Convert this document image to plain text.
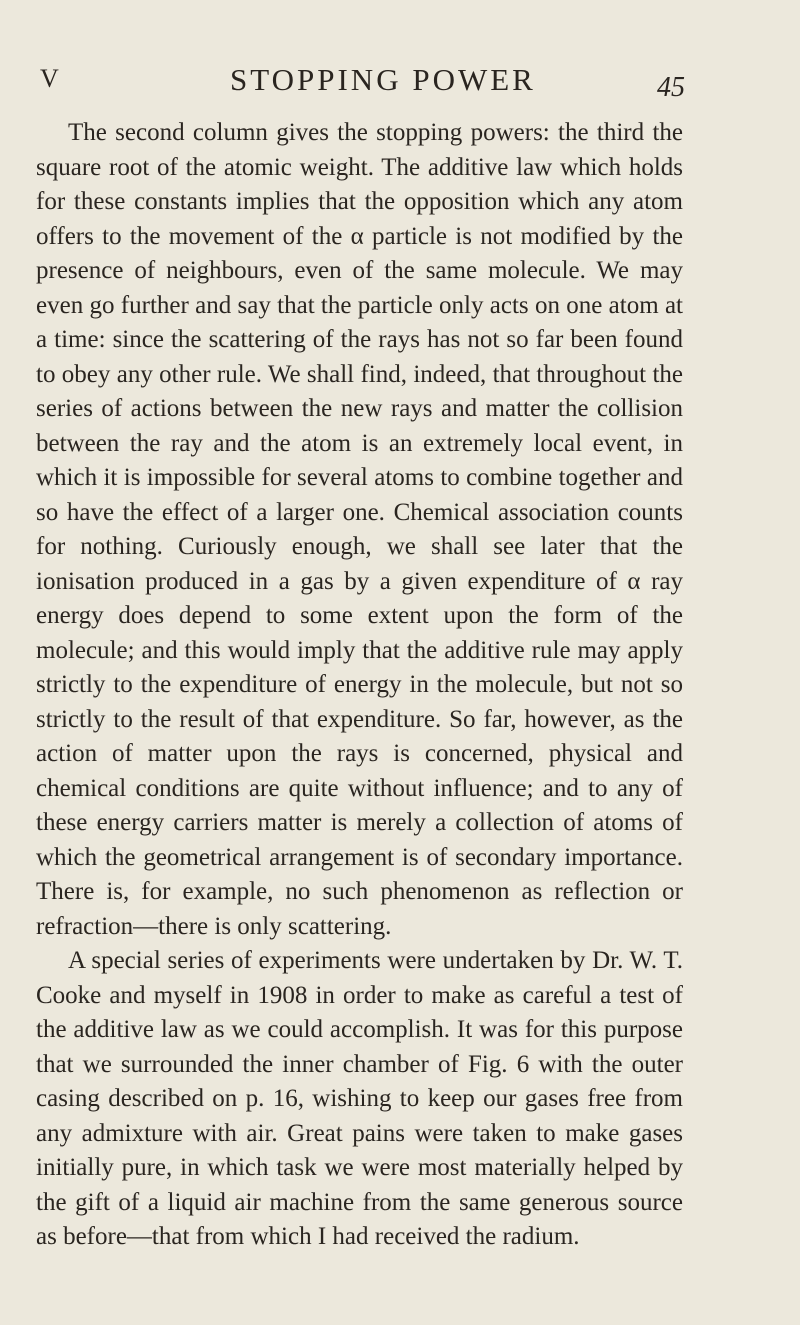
V	STOPPING POWER	45

The second column gives the stopping powers: the third the square root of the atomic weight. The additive law which holds for these constants implies that the opposition which any atom offers to the movement of the α particle is not modified by the presence of neighbours, even of the same molecule. We may even go further and say that the particle only acts on one atom at a time: since the scattering of the rays has not so far been found to obey any other rule. We shall find, indeed, that throughout the series of actions between the new rays and matter the collision between the ray and the atom is an extremely local event, in which it is impossible for several atoms to combine together and so have the effect of a larger one. Chemical association counts for nothing. Curiously enough, we shall see later that the ionisation produced in a gas by a given expenditure of α ray energy does depend to some extent upon the form of the molecule; and this would imply that the additive rule may apply strictly to the expenditure of energy in the molecule, but not so strictly to the result of that expenditure. So far, however, as the action of matter upon the rays is concerned, physical and chemical conditions are quite without influence; and to any of these energy carriers matter is merely a collection of atoms of which the geometrical arrangement is of secondary importance. There is, for example, no such phenomenon as reflection or refraction—there is only scattering.

A special series of experiments were undertaken by Dr. W. T. Cooke and myself in 1908 in order to make as careful a test of the additive law as we could accomplish. It was for this purpose that we surrounded the inner chamber of Fig. 6 with the outer casing described on p. 16, wishing to keep our gases free from any admixture with air. Great pains were taken to make gases initially pure, in which task we were most materially helped by the gift of a liquid air machine from the same generous source as before—that from which I had received the radium.
